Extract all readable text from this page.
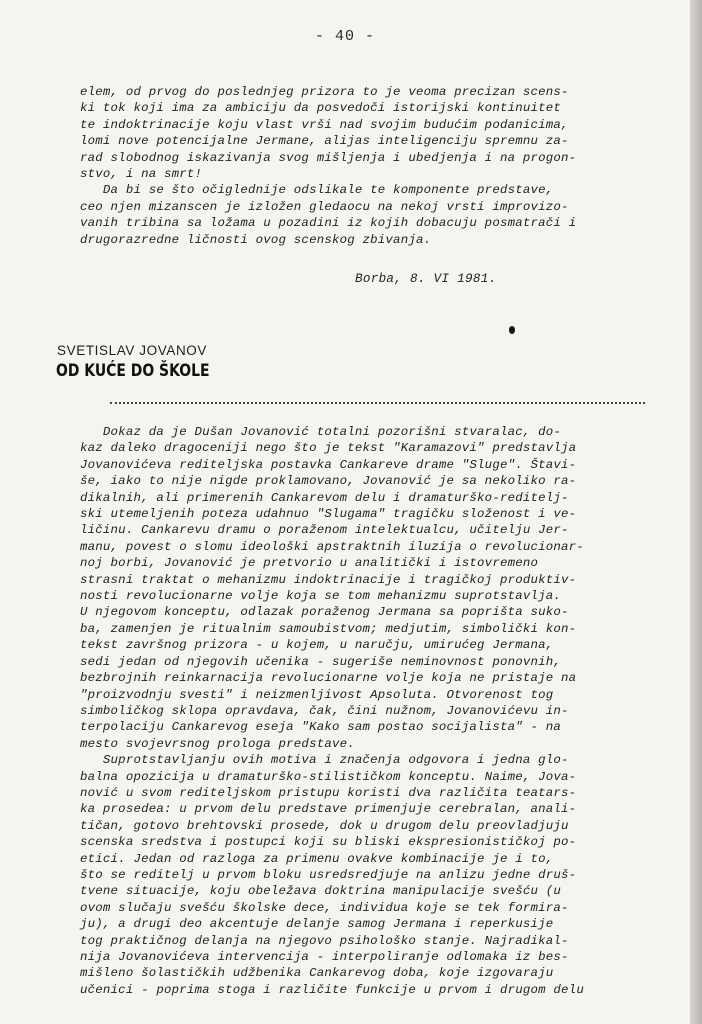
- 40 -
elem, od prvog do poslednjeg prizora to je veoma precizan scens-
ki tok koji ima za ambiciju da posvedoči istorijski kontinuitet
te indoktrinacije koju vlast vrši nad svojim budućim podanicima,
lomi nove potencijalne Jermane, alijas inteligenciju spremnu za-
rad slobodnog iskazivanja svog mišljenja i ubedjenja i na progon-
stvo, i na smrt!
Da bi se što očiglednije odslikale te komponente predstave,
ceo njen mizanscen je izložen gledaocu na nekoj vrsti improvizo-
vanih tribina sa ložama u pozadini iz kojih dobacuju posmatrači i
drugorazredne ličnosti ovog scenskog zbivanja.
Borba, 8. VI 1981.
SVETISLAV JOVANOV
OD KUĆE DO ŠKOLE
Dokaz da je Dušan Jovanović totalni pozorišni stvaralac, do-
kaz daleko dragoceniji nego što je tekst "Karamazovi" predstavlja
Jovanovićeva rediteljska postavka Cankareve drame "Sluge". Štavi-
še, iako to nije nigde proklamovano, Jovanović je sa nekoliko ra-
dikalnih, ali primerenih Cankarevom delu i dramaturško-reditelj-
ski utemeljenih poteza udahnuo "Slugama" tragičku složenost i ve-
ličinu. Cankarevu dramu o poraženom intelektualcu, učitelju Jer-
manu, povest o slomu ideološki apstraktnih iluzija o revolucionar-
noj borbi, Jovanović je pretvorio u analitički i istovremeno
strasni traktat o mehanizmu indoktrinacije i tragičkoj produktiv-
nosti revolucionarne volje koja se tom mehanizmu suprotstavlja.
U njegovom konceptu, odlazak poraženog Jermana sa poprišta suko-
ba, zamenjen je ritualnim samoubistvom; medjutim, simbolički kon-
tekst završnog prizora - u kojem, u naručju, umirućeg Jermana,
sedi jedan od njegovih učenika - sugeriše neminovnost ponovnih,
bezbrojnih reinkarnacija revolucionarne volje koja ne pristaje na
"proizvodnju svesti" i neizmenljivost Apsoluta. Otvorenost tog
simboličkog sklopa opravdava, čak, čini nužnom, Jovanovićevu in-
terpolaciju Cankarevog eseja "Kako sam postao socijalista" - na
mesto svojevrsnog prologa predstave.
Suprotstavljanju ovih motiva i značenja odgovora i jedna glo-
balna opozicija u dramaturško-stilističkom konceptu. Naime, Jova-
nović u svom rediteljskom pristupu koristi dva različita teatars-
ka prosedea: u prvom delu predstave primenjuje cerebralan, anali-
tičan, gotovo brehtovski prosede, dok u drugom delu preovladjuju
scenska sredstva i postupci koji su bliski ekspresionističkoj po-
etici. Jedan od razloga za primenu ovakve kombinacije je i to,
što se reditelj u prvom bloku usredsredjuje na anlizu jedne druš-
tvene situacije, koju obeležava doktrina manipulacije svešću (u
ovom slučaju svešću školske dece, individua koje se tek formira-
ju), a drugi deo akcentuje delanje samog Jermana i reperkusije
tog praktičnog delanja na njegovo psihološko stanje. Najradikal-
nija Jovanovićeva intervencija - interpoliranje odlomaka iz bes-
mišleno šolastičkih udžbenika Cankarevog doba, koje izgovaraju
učenici - poprima stoga i različite funkcije u prvom i drugom delu
